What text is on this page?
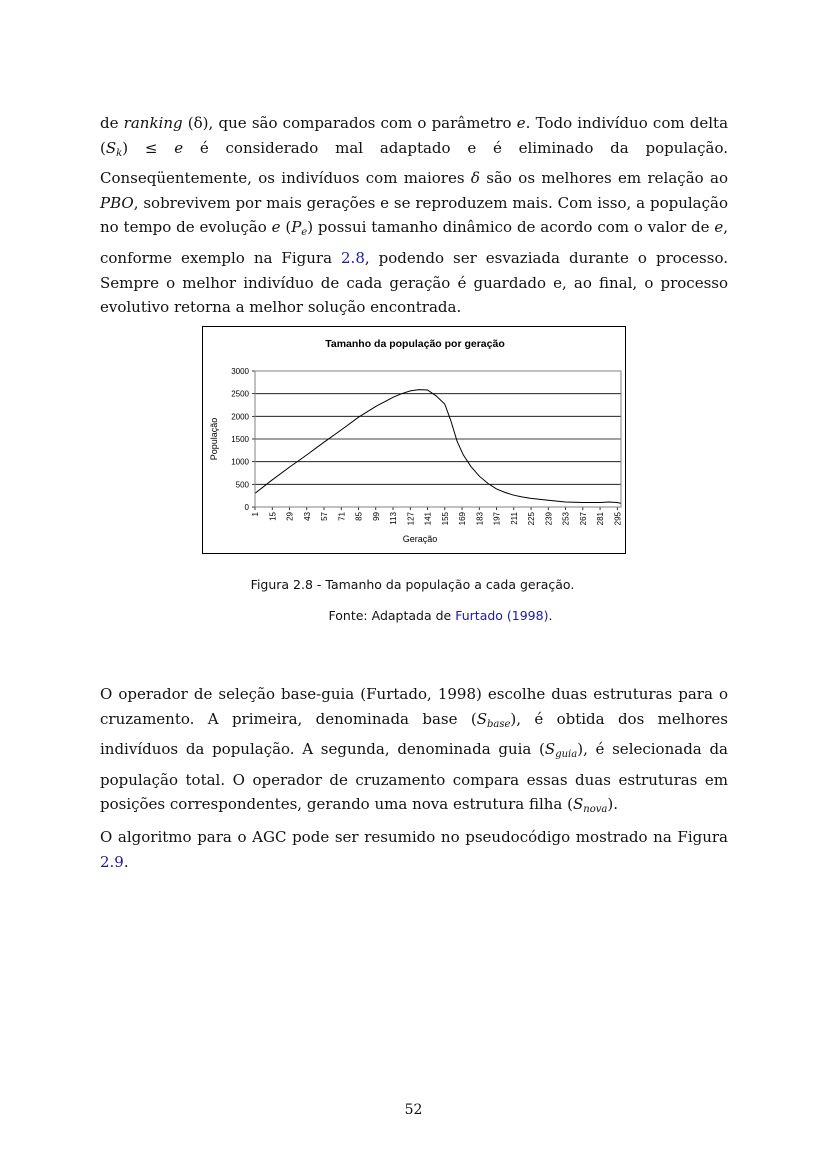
de ranking (δ), que são comparados com o parâmetro e. Todo indivíduo com delta $(S_k) \le e$ é considerado mal adaptado e é eliminado da população. Conseqüentemente, os indivíduos com maiores δ são os melhores em relação ao PBO, sobrevivem por mais gerações e se reproduzem mais. Com isso, a população no tempo de evolução e $(P_e)$ possui tamanho dinâmico de acordo com o valor de e, conforme exemplo na Figura 2.8, podendo ser esvaziada durante o processo. Sempre o melhor indivíduo de cada geração é guardado e, ao final, o processo evolutivo retorna a melhor solução encontrada.

Tamanho da população por geração
0
500
1000
1500
2000
2500
3000
1 15 29 43 57 71 85 99 113 127 141 155 169 183 197 211 225 239 253 267 281 295
População
Geração
Figura 2.8 - Tamanho da população a cada geração.
Fonte: Adaptada de Furtado (1998).

O operador de seleção base-guia (Furtado, 1998) escolhe duas estruturas para o cruzamento. A primeira, denominada base $(S_{base})$, é obtida dos melhores indivíduos da população. A segunda, denominada guia $(S_{guia})$, é selecionada da população total. O operador de cruzamento compara essas duas estruturas em posições correspondentes, gerando uma nova estrutura filha $(S_{nova})$.

O algoritmo para o AGC pode ser resumido no pseudocódigo mostrado na Figura 2.9.

52
